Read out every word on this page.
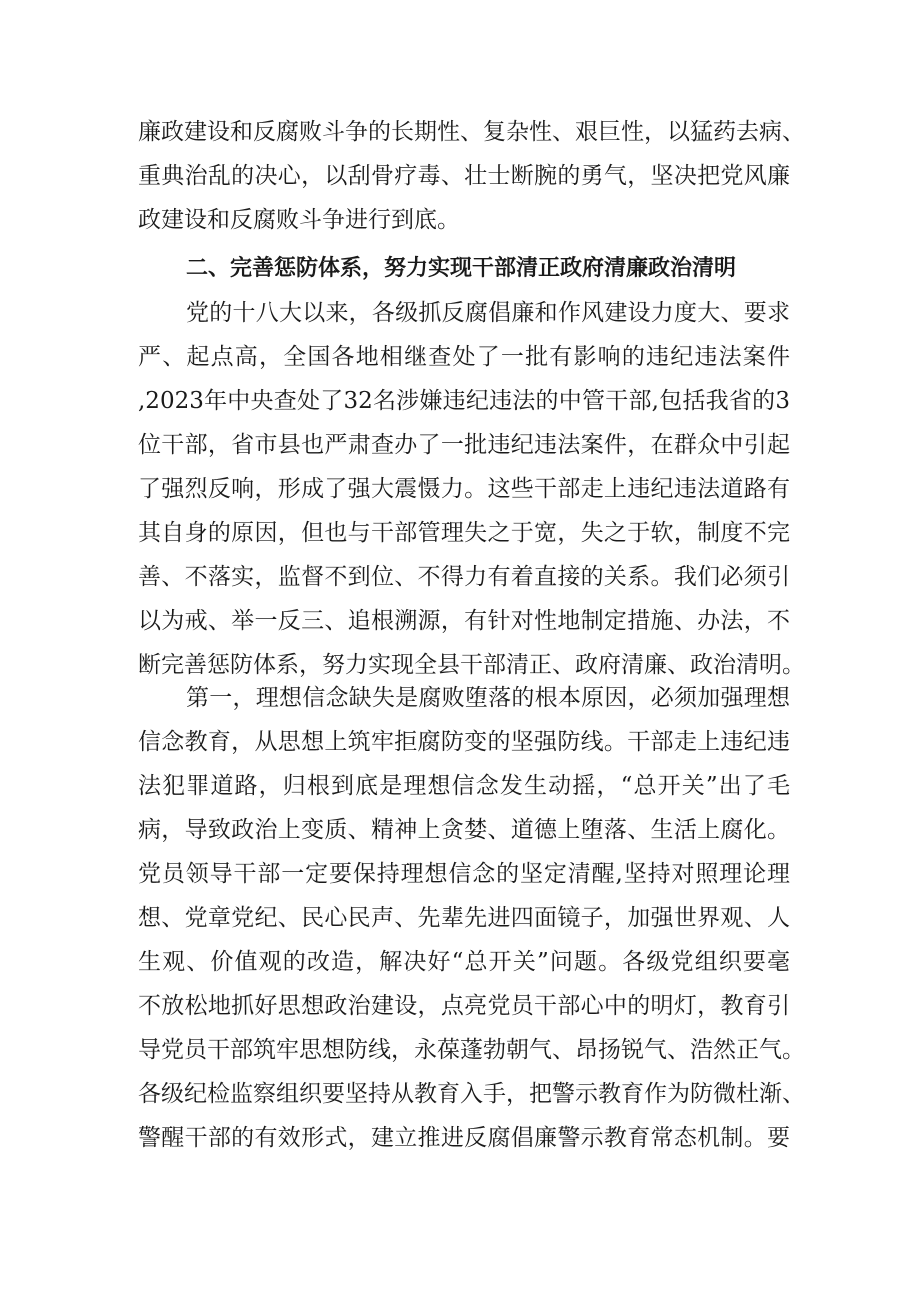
廉政建设和反腐败斗争的长期性、复杂性、艰巨性，以猛药去病、
重典治乱的决心，以刮骨疗毒、壮士断腕的勇气，坚决把党风廉
政建设和反腐败斗争进行到底。
二、完善惩防体系，努力实现干部清正政府清廉政治清明
党的十八大以来，各级抓反腐倡廉和作风建设力度大、要求
严、起点高，全国各地相继查处了一批有影响的违纪违法案件
,2023年中央查处了32名涉嫌违纪违法的中管干部,包括我省的3
位干部，省市县也严肃查办了一批违纪违法案件，在群众中引起
了强烈反响，形成了强大震慑力。这些干部走上违纪违法道路有
其自身的原因，但也与干部管理失之于宽，失之于软，制度不完
善、不落实，监督不到位、不得力有着直接的关系。我们必须引
以为戒、举一反三、追根溯源，有针对性地制定措施、办法，不
断完善惩防体系，努力实现全县干部清正、政府清廉、政治清明。
第一，理想信念缺失是腐败堕落的根本原因，必须加强理想
信念教育，从思想上筑牢拒腐防变的坚强防线。干部走上违纪违
法犯罪道路，归根到底是理想信念发生动摇，“总开关”出了毛
病，导致政治上变质、精神上贪婪、道德上堕落、生活上腐化。
党员领导干部一定要保持理想信念的坚定清醒,坚持对照理论理
想、党章党纪、民心民声、先辈先进四面镜子，加强世界观、人
生观、价值观的改造，解决好“总开关”问题。各级党组织要毫
不放松地抓好思想政治建设，点亮党员干部心中的明灯，教育引
导党员干部筑牢思想防线，永葆蓬勃朝气、昂扬锐气、浩然正气。
各级纪检监察组织要坚持从教育入手，把警示教育作为防微杜渐、
警醒干部的有效形式，建立推进反腐倡廉警示教育常态机制。要
